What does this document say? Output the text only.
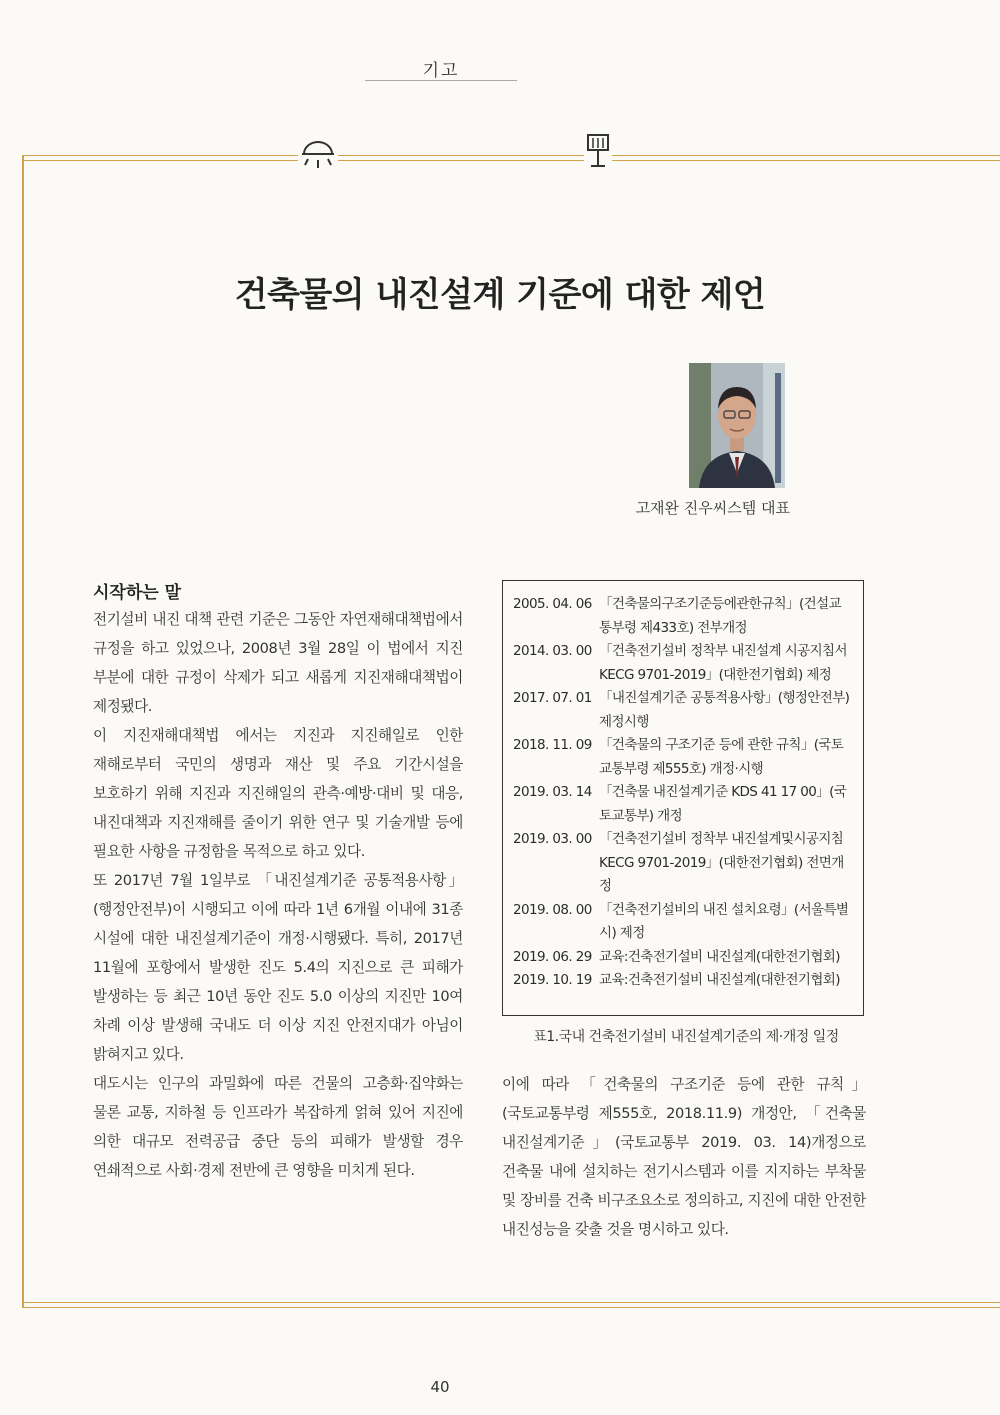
기고
건축물의 내진설계 기준에 대한 제언
고재완 진우씨스템 대표
시작하는 말

전기설비 내진 대책 관련 기준은 그동안 자연재해대책법에서 규정을 하고 있었으나, 2008년 3월 28일 이 법에서 지진 부분에 대한 규정이 삭제가 되고 새롭게 지진재해대책법이 제정됐다.

이 지진재해대책법 에서는 지진과 지진해일로 인한 재해로부터 국민의 생명과 재산 및 주요 기간시설을 보호하기 위해 지진과 지진해일의 관측·예방·대비 및 대응, 내진대책과 지진재해를 줄이기 위한 연구 및 기술개발 등에 필요한 사항을 규정함을 목적으로 하고 있다.

또 2017년 7월 1일부로 「내진설계기준 공통적용사항」(행정안전부)이 시행되고 이에 따라 1년 6개월 이내에 31종 시설에 대한 내진설계기준이 개정·시행됐다. 특히, 2017년 11월에 포항에서 발생한 진도 5.4의 지진으로 큰 피해가 발생하는 등 최근 10년 동안 진도 5.0 이상의 지진만 10여 차례 이상 발생해 국내도 더 이상 지진 안전지대가 아님이 밝혀지고 있다.

대도시는 인구의 과밀화에 따른 건물의 고층화·집약화는 물론 교통, 지하철 등 인프라가 복잡하게 얽혀 있어 지진에 의한 대규모 전력공급 중단 등의 피해가 발생할 경우 연쇄적으로 사회·경제 전반에 큰 영향을 미치게 된다.

2005. 04. 06 「건축물의구조기준등에관한규칙」(건설교통부령 제433호) 전부개정
2014. 03. 00 「건축전기설비 정착부 내진설계 시공지침서 KECG 9701-2019」(대한전기협회) 제정
2017. 07. 01 「내진설계기준 공통적용사항」(행정안전부) 제정시행
2018. 11. 09 「건축물의 구조기준 등에 관한 규칙」(국토교통부령 제555호) 개정·시행
2019. 03. 14 「건축물 내진설계기준 KDS 41 17 00」(국토교통부) 개정
2019. 03. 00 「건축전기설비 정착부 내진설계및시공지침 KECG 9701-2019」(대한전기협회) 전면개정
2019. 08. 00 「건축전기설비의 내진 설치요령」(서울특별시) 제정
2019. 06. 29 교육:건축전기설비 내진설계(대한전기협회)
2019. 10. 19 교육:건축전기설비 내진설계(대한전기협회)
표1.국내 건축전기설비 내진설계기준의 제·개정 일정

이에 따라 「건축물의 구조기준 등에 관한 규칙」(국토교통부령 제555호, 2018.11.9) 개정안, 「건축물 내진설계기준」(국토교통부 2019. 03. 14)개정으로 건축물 내에 설치하는 전기시스템과 이를 지지하는 부착물 및 장비를 건축 비구조요소로 정의하고, 지진에 대한 안전한 내진성능을 갖출 것을 명시하고 있다.

40
